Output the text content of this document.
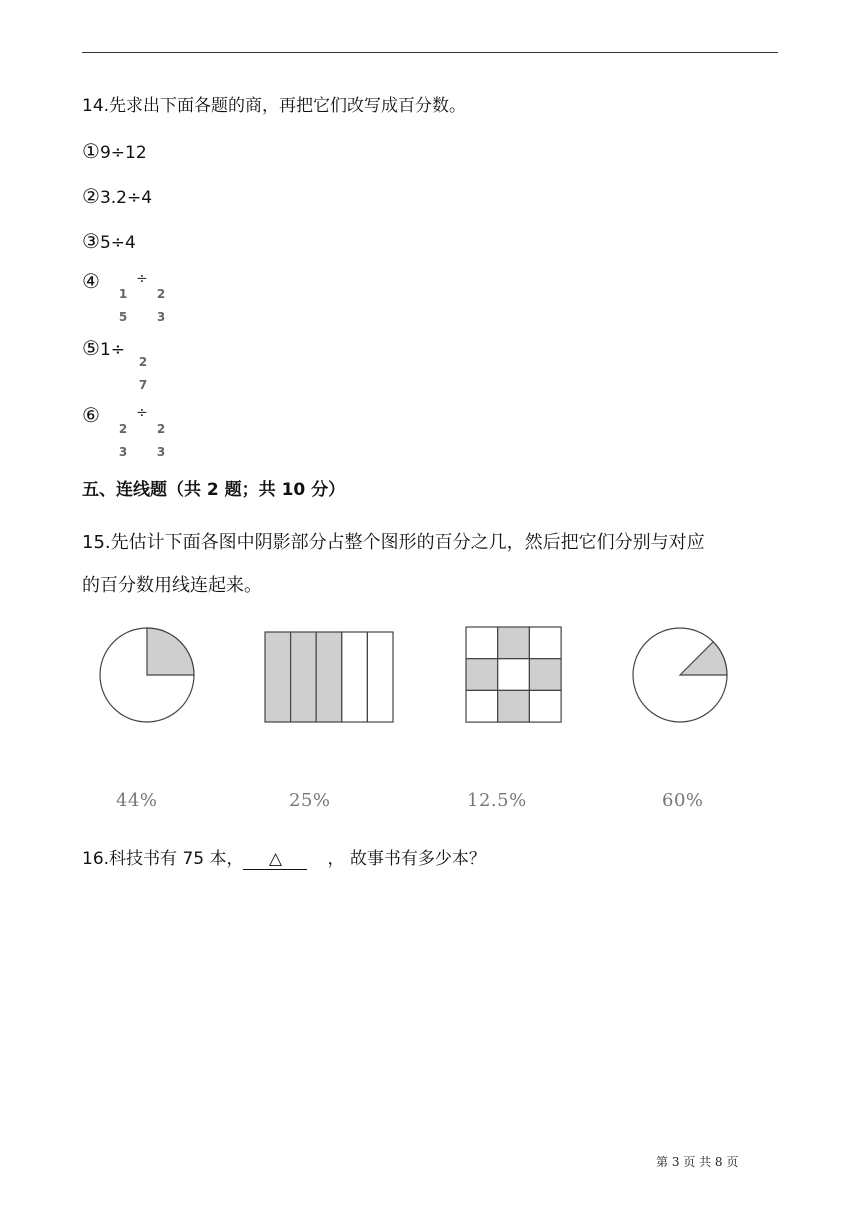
14.先求出下面各题的商，再把它们改写成百分数。
①9÷12
②3.2÷4
③5÷4
④	÷
1
5
2
3
⑤1÷
2
7
⑥	÷
2
3
2
3
五、连线题（共 2 题；共 10 分）
15.先估计下面各图中阴影部分占整个图形的百分之几，然后把它们分别与对应
的百分数用线连起来。
44%	25%	12.5%	60%
16.科技书有 75 本， △	， 故事书有多少本？
第 3 页 共 8 页
